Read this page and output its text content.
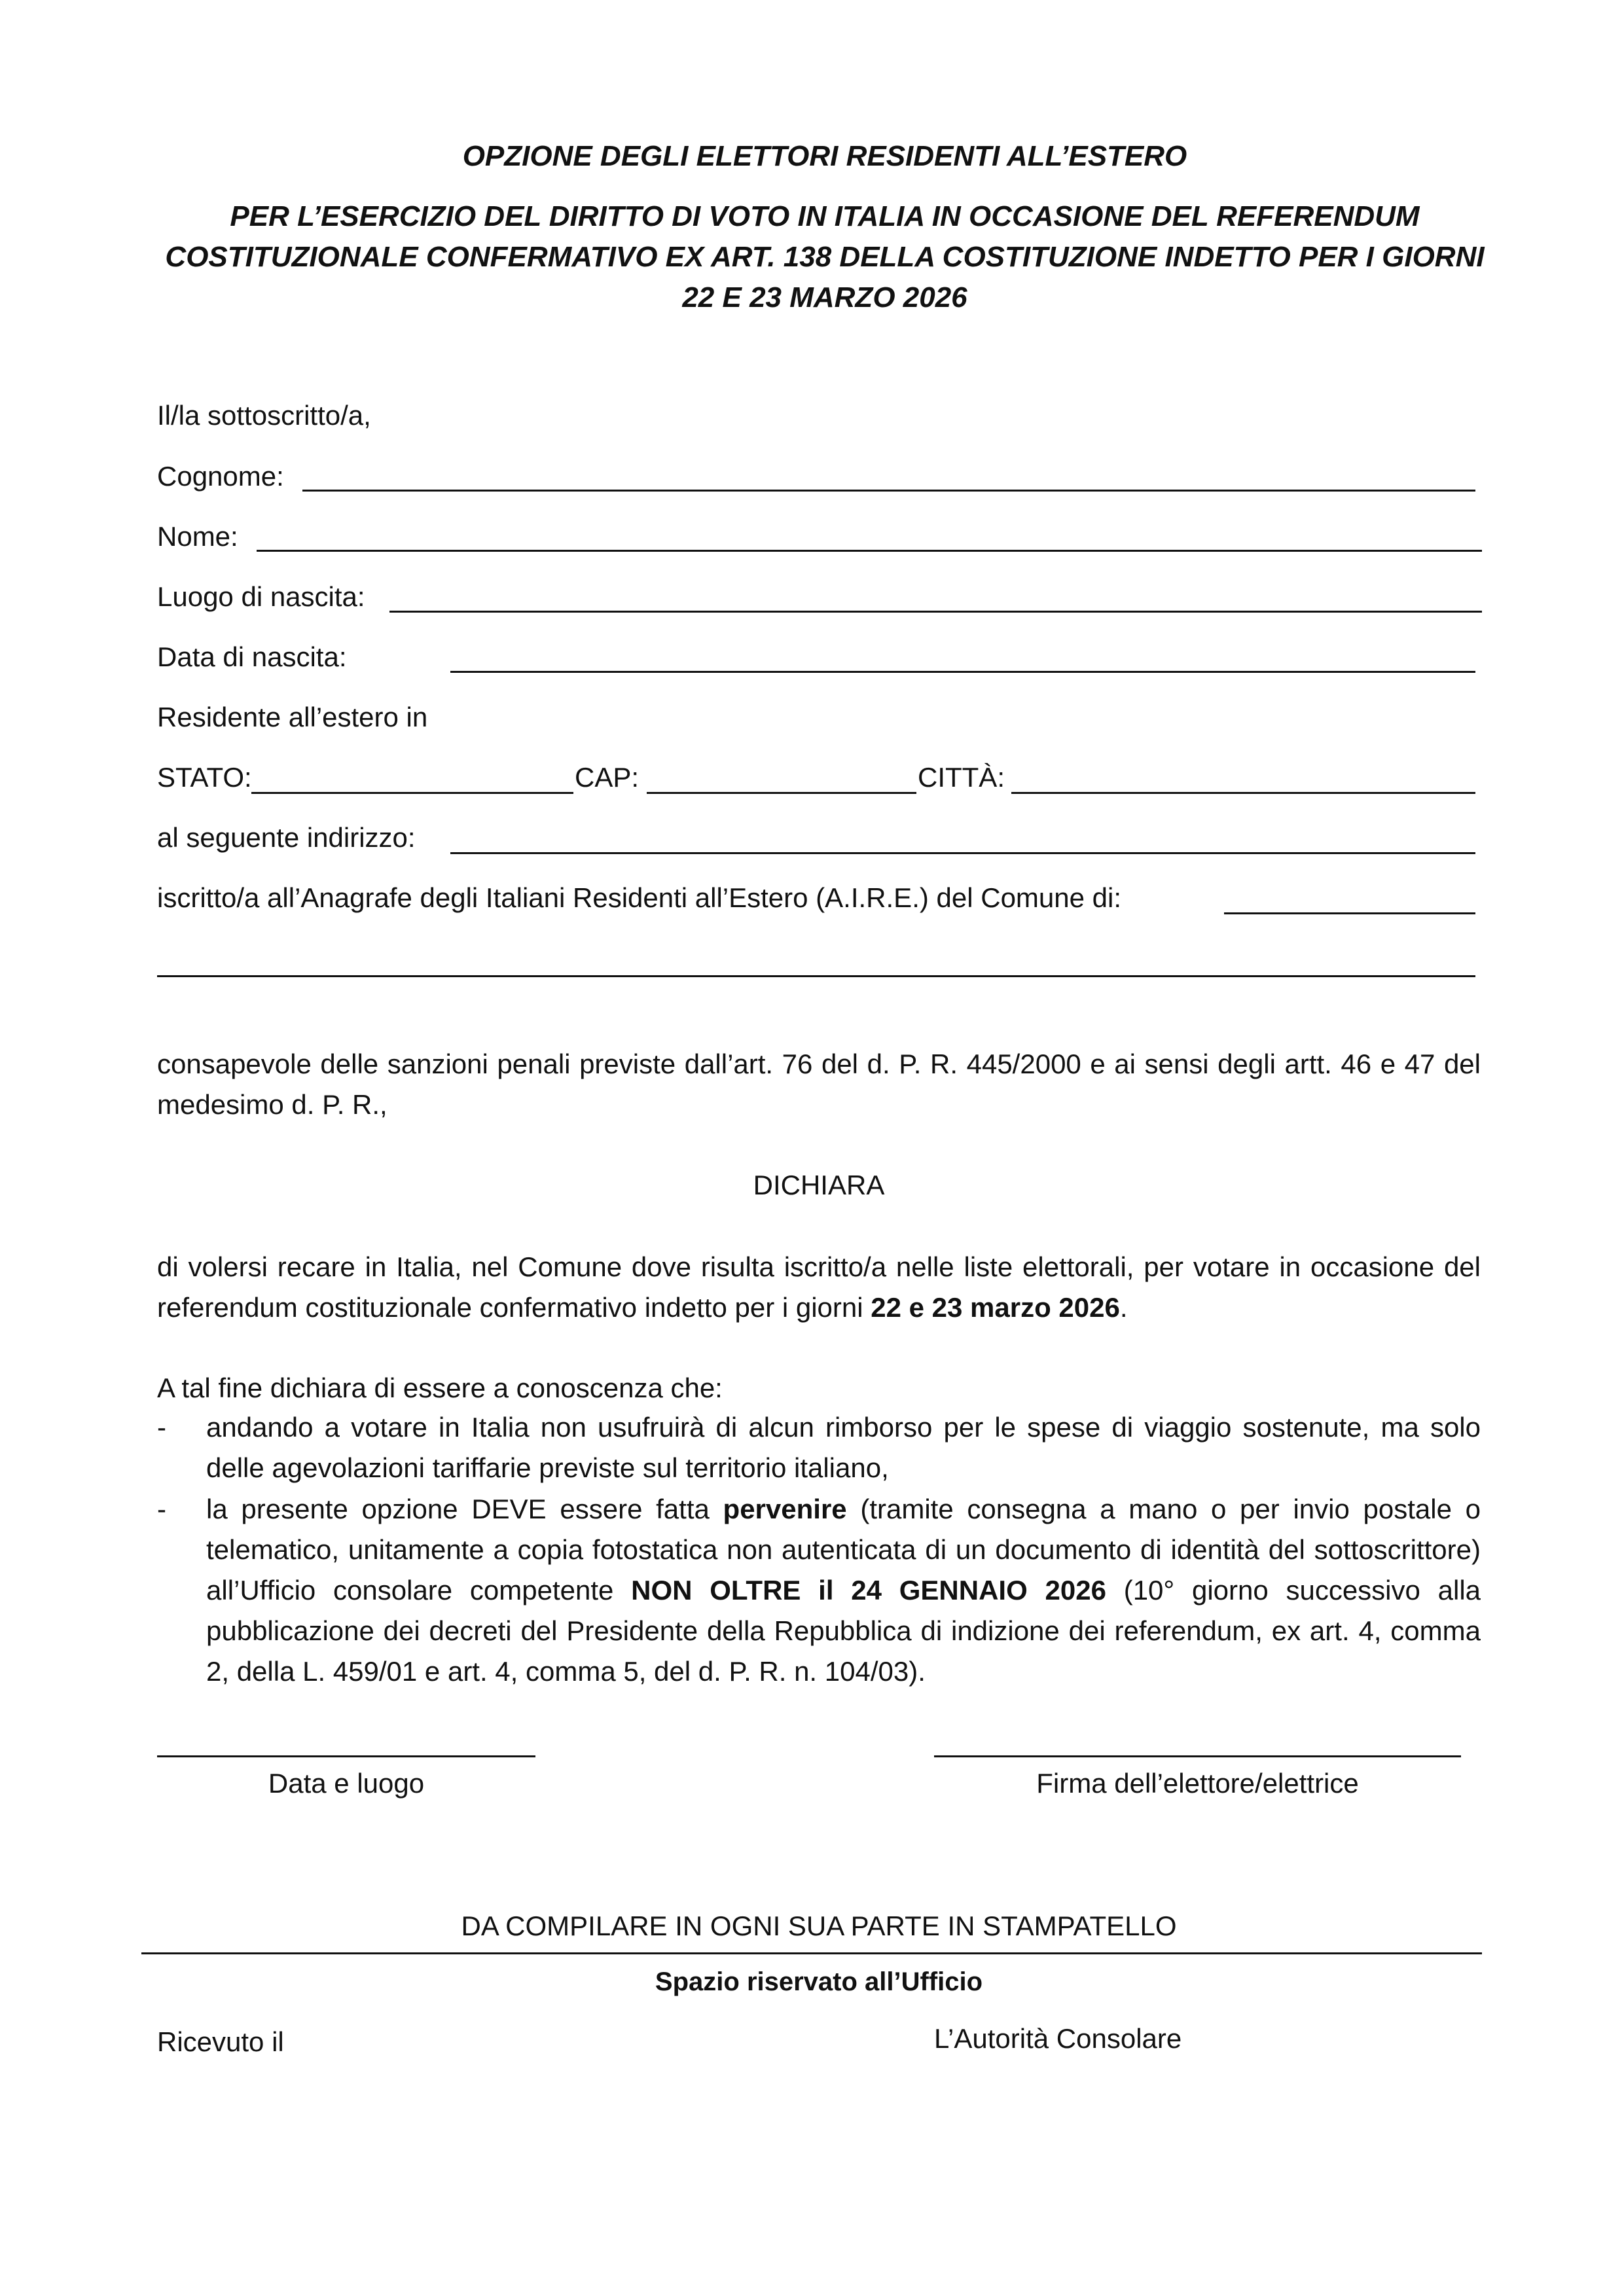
OPZIONE DEGLI ELETTORI RESIDENTI ALL’ESTERO
PER L’ESERCIZIO DEL DIRITTO DI VOTO IN ITALIA IN OCCASIONE DEL REFERENDUM COSTITUZIONALE CONFERMATIVO EX ART. 138 DELLA COSTITUZIONE INDETTO PER I GIORNI 22 E 23 MARZO 2026
Il/la sottoscritto/a,
Cognome:
Nome:
Luogo di nascita:
Data di nascita:
Residente all’estero in
STATO:	CAP:	CITTÀ:
al seguente indirizzo:
iscritto/a all’Anagrafe degli Italiani Residenti all’Estero (A.I.R.E.) del Comune di:
consapevole delle sanzioni penali previste dall’art. 76 del d. P. R. 445/2000 e ai sensi degli artt. 46 e 47 del medesimo d. P. R.,
DICHIARA
di volersi recare in Italia, nel Comune dove risulta iscritto/a nelle liste elettorali, per votare in occasione del referendum costituzionale confermativo indetto per i giorni 22 e 23 marzo 2026.
A tal fine dichiara di essere a conoscenza che:
- andando a votare in Italia non usufruirà di alcun rimborso per le spese di viaggio sostenute, ma solo delle agevolazioni tariffarie previste sul territorio italiano,
- la presente opzione DEVE essere fatta pervenire (tramite consegna a mano o per invio postale o telematico, unitamente a copia fotostatica non autenticata di un documento di identità del sottoscrittore) all’Ufficio consolare competente NON OLTRE il 24 GENNAIO 2026 (10° giorno successivo alla pubblicazione dei decreti del Presidente della Repubblica di indizione dei referendum, ex art. 4, comma 2, della L. 459/01 e art. 4, comma 5, del d. P. R. n. 104/03).
Data e luogo	Firma dell’elettore/elettrice
DA COMPILARE IN OGNI SUA PARTE IN STAMPATELLO
Spazio riservato all’Ufficio
Ricevuto il	L’Autorità Consolare
